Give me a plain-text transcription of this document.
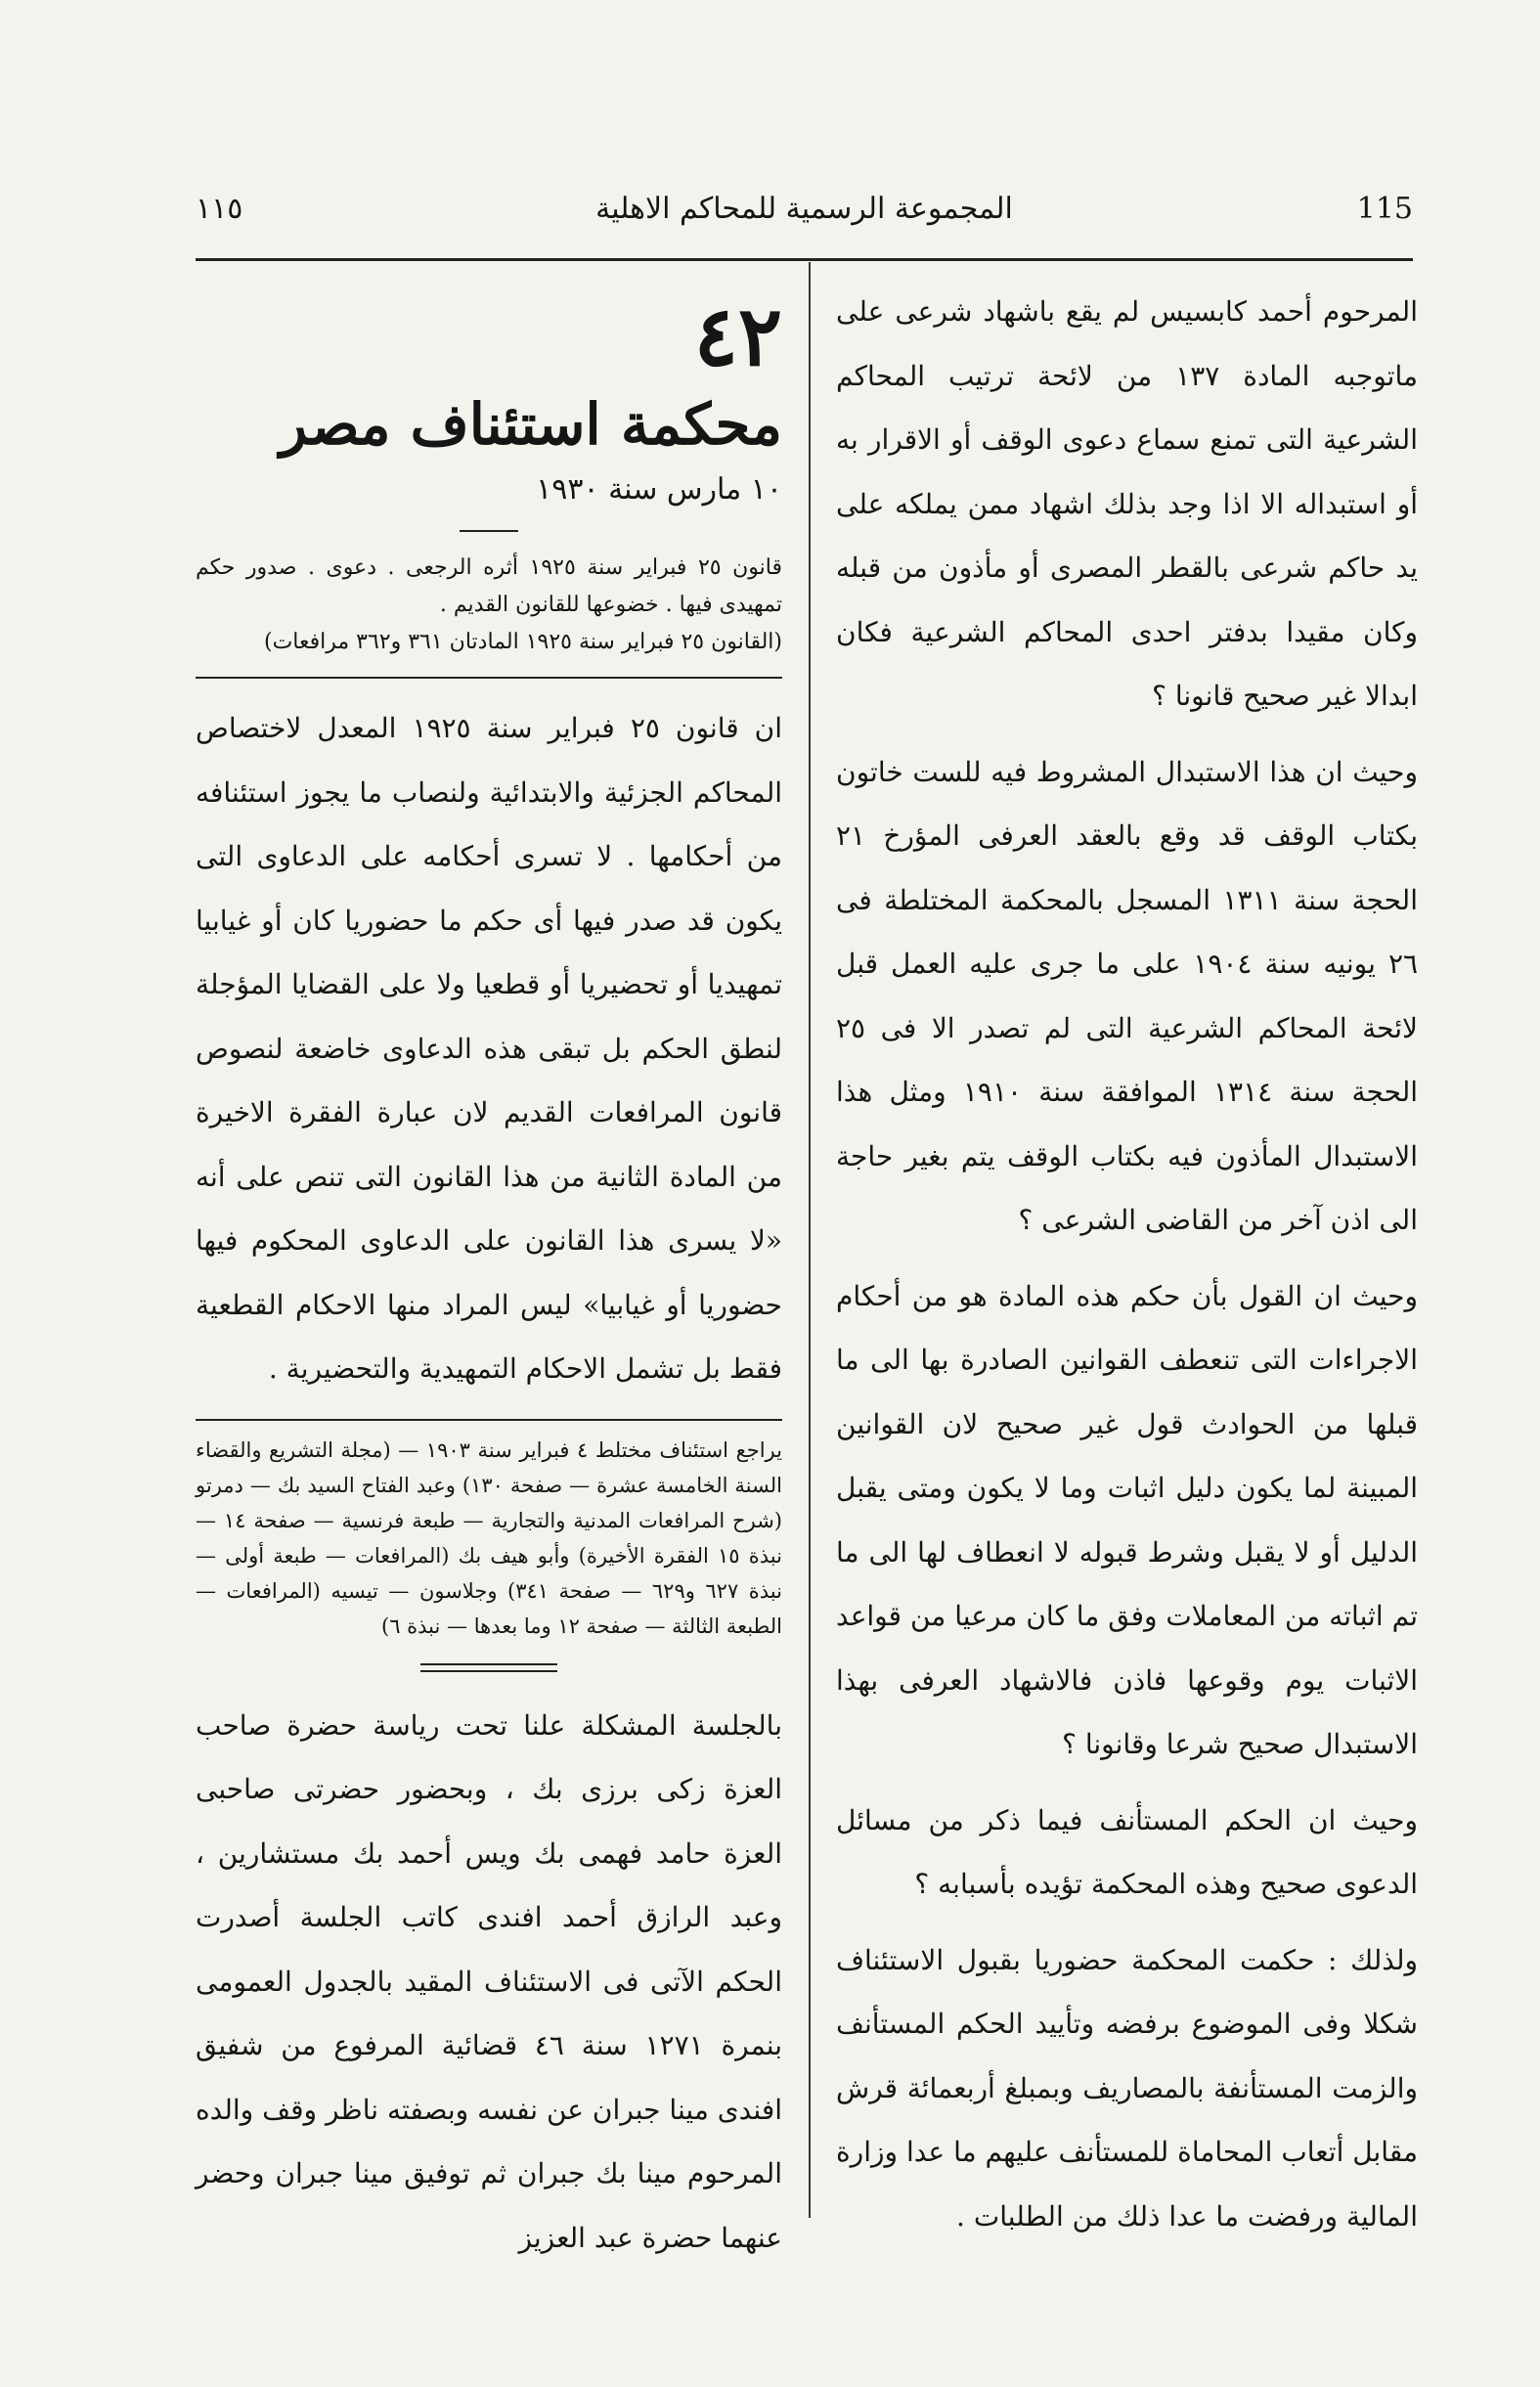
١١٥	المجموعة الرسمية للمحاكم الاهلية	115

المرحوم أحمد كابسيس لم يقع باشهاد شرعى على ماتوجبه المادة ١٣٧ من لائحة ترتيب المحاكم الشرعية التى تمنع سماع دعوى الوقف أو الاقرار به أو استبداله الا اذا وجد بذلك اشهاد ممن يملكه على يد حاكم شرعى بالقطر المصرى أو مأذون من قبله وكان مقيدا بدفتر احدى المحاكم الشرعية فكان ابدالا غير صحيح قانونا ؟

وحيث ان هذا الاستبدال المشروط فيه للست خاتون بكتاب الوقف قد وقع بالعقد العرفى المؤرخ ٢١ الحجة سنة ١٣١١ المسجل بالمحكمة المختلطة فى ٢٦ يونيه سنة ١٩٠٤ على ما جرى عليه العمل قبل لائحة المحاكم الشرعية التى لم تصدر الا فى ٢٥ الحجة سنة ١٣١٤ الموافقة سنة ١٩١٠ ومثل هذا الاستبدال المأذون فيه بكتاب الوقف يتم بغير حاجة الى اذن آخر من القاضى الشرعى ؟

وحيث ان القول بأن حكم هذه المادة هو من أحكام الاجراءات التى تنعطف القوانين الصادرة بها الى ما قبلها من الحوادث قول غير صحيح لان القوانين المبينة لما يكون دليل اثبات وما لا يكون ومتى يقبل الدليل أو لا يقبل وشرط قبوله لا انعطاف لها الى ما تم اثباته من المعاملات وفق ما كان مرعيا من قواعد الاثبات يوم وقوعها فاذن فالاشهاد العرفى بهذا الاستبدال صحيح شرعا وقانونا ؟

وحيث ان الحكم المستأنف فيما ذكر من مسائل الدعوى صحيح وهذه المحكمة تؤيده بأسبابه ؟

ولذلك : حكمت المحكمة حضوريا بقبول الاستئناف شكلا وفى الموضوع برفضه وتأييد الحكم المستأنف والزمت المستأنفة بالمصاريف وبمبلغ أربعمائة قرش مقابل أتعاب المحاماة للمستأنف عليهم ما عدا وزارة المالية ورفضت ما عدا ذلك من الطلبات .

٤٢
محكمة استئناف مصر
١٠ مارس سنة ١٩٣٠
قانون ٢٥ فبراير سنة ١٩٢٥ أثره الرجعى . دعوى . صدور حكم تمهيدى فيها . خضوعها للقانون القديم .
(القانون ٢٥ فبراير سنة ١٩٢٥ المادتان ٣٦١ و٣٦٢ مرافعات)
ان قانون ٢٥ فبراير سنة ١٩٢٥ المعدل لاختصاص المحاكم الجزئية والابتدائية ولنصاب ما يجوز استئنافه من أحكامها . لا تسرى أحكامه على الدعاوى التى يكون قد صدر فيها أى حكم ما حضوريا كان أو غيابيا تمهيديا أو تحضيريا أو قطعيا ولا على القضايا المؤجلة لنطق الحكم بل تبقى هذه الدعاوى خاضعة لنصوص قانون المرافعات القديم لان عبارة الفقرة الاخيرة من المادة الثانية من هذا القانون التى تنص على أنه «لا يسرى هذا القانون على الدعاوى المحكوم فيها حضوريا أو غيابيا» ليس المراد منها الاحكام القطعية فقط بل تشمل الاحكام التمهيدية والتحضيرية .
يراجع استئناف مختلط ٤ فبراير سنة ١٩٠٣ — (مجلة التشريع والقضاء السنة الخامسة عشرة — صفحة ١٣٠) وعبد الفتاح السيد بك — دمرتو (شرح المرافعات المدنية والتجارية — طبعة فرنسية — صفحة ١٤ — نبذة ١٥ الفقرة الأخيرة) وأبو هيف بك (المرافعات — طبعة أولى — نبذة ٦٢٧ و٦٢٩ — صفحة ٣٤١) وجلاسون — تيسيه (المرافعات — الطبعة الثالثة — صفحة ١٢ وما بعدها — نبذة ٦)
بالجلسة المشكلة علنا تحت رياسة حضرة صاحب العزة زكى برزى بك ، وبحضور حضرتى صاحبى العزة حامد فهمى بك ويس أحمد بك مستشارين ، وعبد الرازق أحمد افندى كاتب الجلسة أصدرت الحكم الآتى فى الاستئناف المقيد بالجدول العمومى بنمرة ١٢٧١ سنة ٤٦ قضائية المرفوع من شفيق افندى مينا جبران عن نفسه وبصفته ناظر وقف والده المرحوم مينا بك جبران ثم توفيق مينا جبران وحضر عنهما حضرة عبد العزيز
